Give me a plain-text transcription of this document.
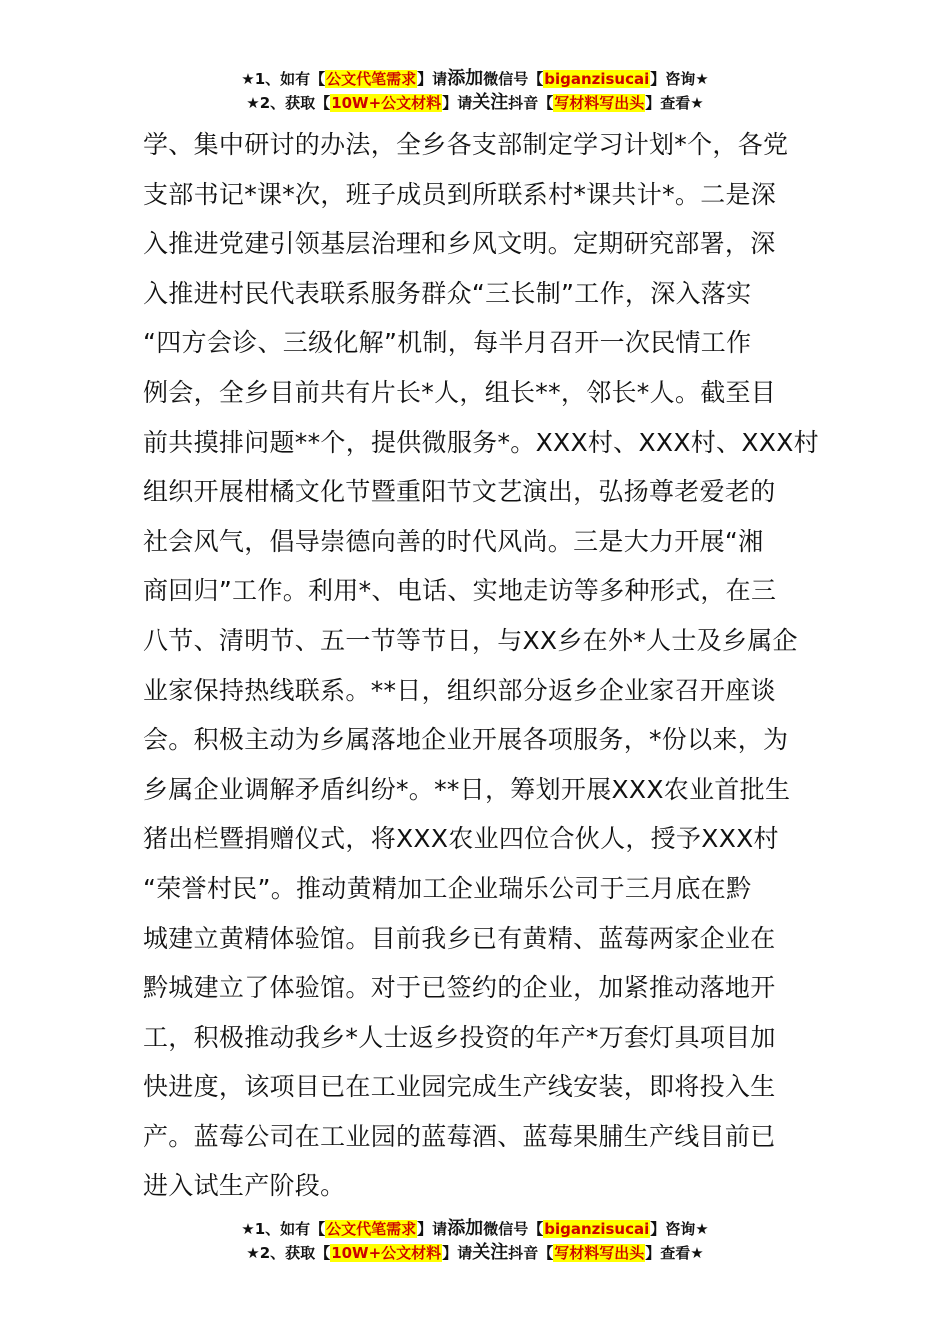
★1、如有【公文代笔需求】请添加微信号【biganzisucai】咨询★
★2、获取【10W+公文材料】请关注抖音【写材料写出头】查看★
学、集中研讨的办法，全乡各支部制定学习计划*个，各党
支部书记*课*次，班子成员到所联系村*课共计*。二是深
入推进党建引领基层治理和乡风文明。定期研究部署，深
入推进村民代表联系服务群众“三长制”工作，深入落实
“四方会诊、三级化解”机制，每半月召开一次民情工作
例会，全乡目前共有片长*人，组长**，邻长*人。截至目
前共摸排问题**个，提供微服务*。XXX村、XXX村、XXX村
组织开展柑橘文化节暨重阳节文艺演出，弘扬尊老爱老的
社会风气，倡导崇德向善的时代风尚。三是大力开展“湘
商回归”工作。利用*、电话、实地走访等多种形式，在三
八节、清明节、五一节等节日，与XX乡在外*人士及乡属企
业家保持热线联系。**日，组织部分返乡企业家召开座谈
会。积极主动为乡属落地企业开展各项服务，*份以来，为
乡属企业调解矛盾纠纷*。**日，筹划开展XXX农业首批生
猪出栏暨捐赠仪式，将XXX农业四位合伙人，授予XXX村
“荣誉村民”。推动黄精加工企业瑞乐公司于三月底在黔
城建立黄精体验馆。目前我乡已有黄精、蓝莓两家企业在
黔城建立了体验馆。对于已签约的企业，加紧推动落地开
工，积极推动我乡*人士返乡投资的年产*万套灯具项目加
快进度，该项目已在工业园完成生产线安装，即将投入生
产。蓝莓公司在工业园的蓝莓酒、蓝莓果脯生产线目前已
进入试生产阶段。
★1、如有【公文代笔需求】请添加微信号【biganzisucai】咨询★
★2、获取【10W+公文材料】请关注抖音【写材料写出头】查看★
